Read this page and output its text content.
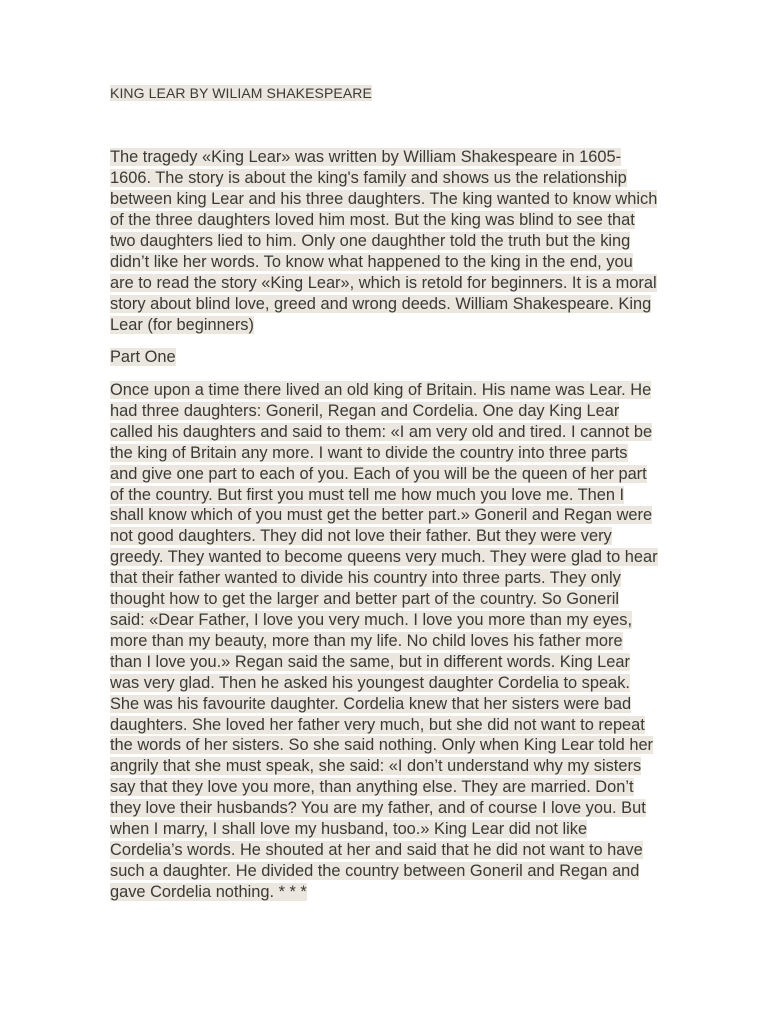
KING LEAR BY WILIAM SHAKESPEARE

The tragedy «King Lear» was written by William Shakespeare in 1605-1606. The story is about the king's family and shows us the relationship between king Lear and his three daughters. The king wanted to know which of the three daughters loved him most. But the king was blind to see that two daughters lied to him. Only one daughther told the truth but the king didn’t like her words. To know what happened to the king in the end, you are to read the story «King Lear», which is retold for beginners. It is a moral story about blind love, greed and wrong deeds. William Shakespeare. King Lear (for beginners)

Part One

Once upon a time there lived an old king of Britain. His name was Lear. He had three daughters: Goneril, Regan and Cordelia. One day King Lear called his daughters and said to them: «I am very old and tired. I cannot be the king of Britain any more. I want to divide the country into three parts and give one part to each of you. Each of you will be the queen of her part of the country. But first you must tell me how much you love me. Then I shall know which of you must get the better part.» Goneril and Regan were not good daughters. They did not love their father. But they were very greedy. They wanted to become queens very much. They were glad to hear that their father wanted to divide his country into three parts. They only thought how to get the larger and better part of the country. So Goneril said: «Dear Father, I love you very much. I love you more than my eyes, more than my beauty, more than my life. No child loves his father more than I love you.» Regan said the same, but in different words. King Lear was very glad. Then he asked his youngest daughter Cordelia to speak. She was his favourite daughter. Cordelia knew that her sisters were bad daughters. She loved her father very much, but she did not want to repeat the words of her sisters. So she said nothing. Only when King Lear told her angrily that she must speak, she said: «I don’t understand why my sisters say that they love you more, than anything else. They are married. Don’t they love their husbands? You are my father, and of course I love you. But when I marry, I shall love my husband, too.» King Lear did not like Cordelia’s words. He shouted at her and said that he did not want to have such a daughter. He divided the country between Goneril and Regan and gave Cordelia nothing. * * *
